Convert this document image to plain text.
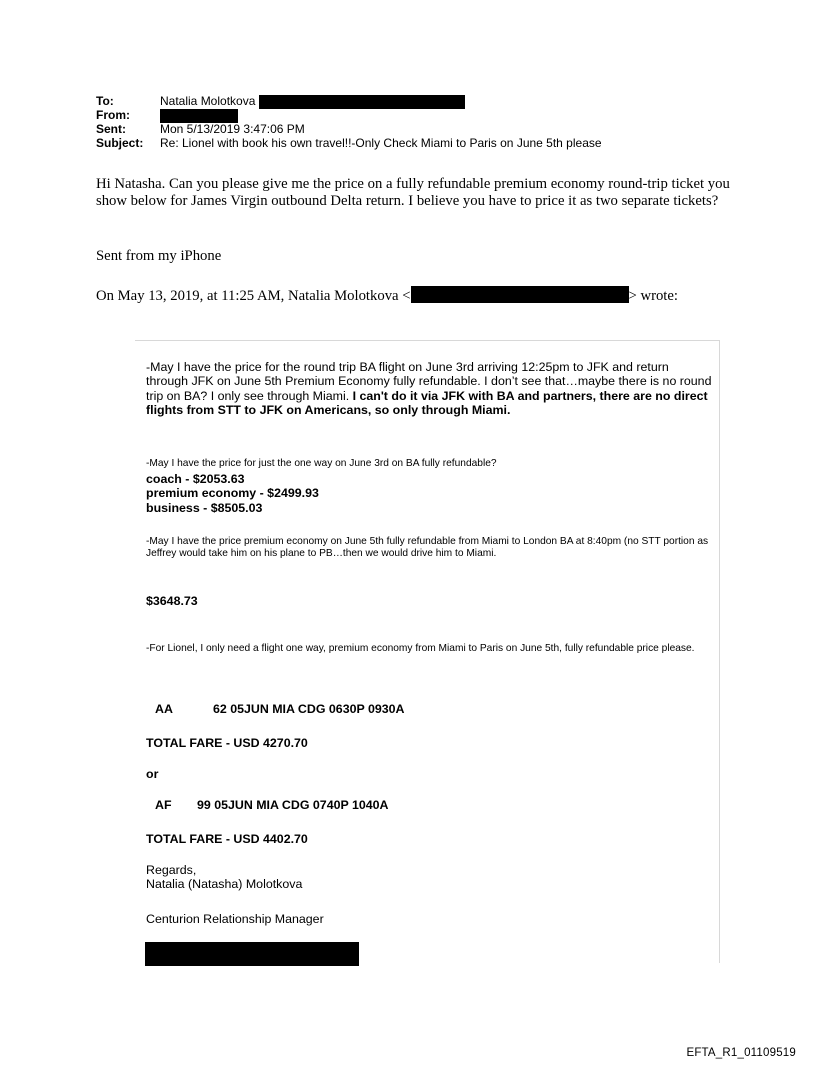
To:	Natalia Molotkova
From:
Sent:	Mon 5/13/2019 3:47:06 PM
Subject:	Re: Lionel with book his own travel!!-Only Check Miami to Paris on June 5th please
Hi Natasha. Can you please give me the price on a fully refundable premium economy round-trip ticket you show below for James Virgin outbound Delta return. I believe you have to price it as two separate tickets?
Sent from my iPhone
On May 13, 2019, at 11:25 AM, Natalia Molotkova <	> wrote:
-May I have the price for the round trip BA flight on June 3rd arriving 12:25pm to JFK and return through JFK on June 5th Premium Economy fully refundable. I don’t see that…maybe there is no round trip on BA? I only see through Miami. I can't do it via JFK with BA and partners, there are no direct flights from STT to JFK on Americans, so only through Miami.
-May I have the price for just the one way on June 3rd on BA fully refundable?
coach - $2053.63
premium economy - $2499.93
business - $8505.03
-May I have the price premium economy on June 5th fully refundable from Miami to London BA at 8:40pm (no STT portion as Jeffrey would take him on his plane to PB…then we would drive him to Miami.
$3648.73
-For Lionel, I only need a flight one way, premium economy from Miami to Paris on June 5th, fully refundable price please.
AA	62 05JUN MIA CDG 0630P 0930A
TOTAL FARE - USD 4270.70
or
AF 99 05JUN MIA CDG 0740P 1040A
TOTAL FARE - USD 4402.70
Regards,
Natalia (Natasha) Molotkova
Centurion Relationship Manager
EFTA_R1_01109519
